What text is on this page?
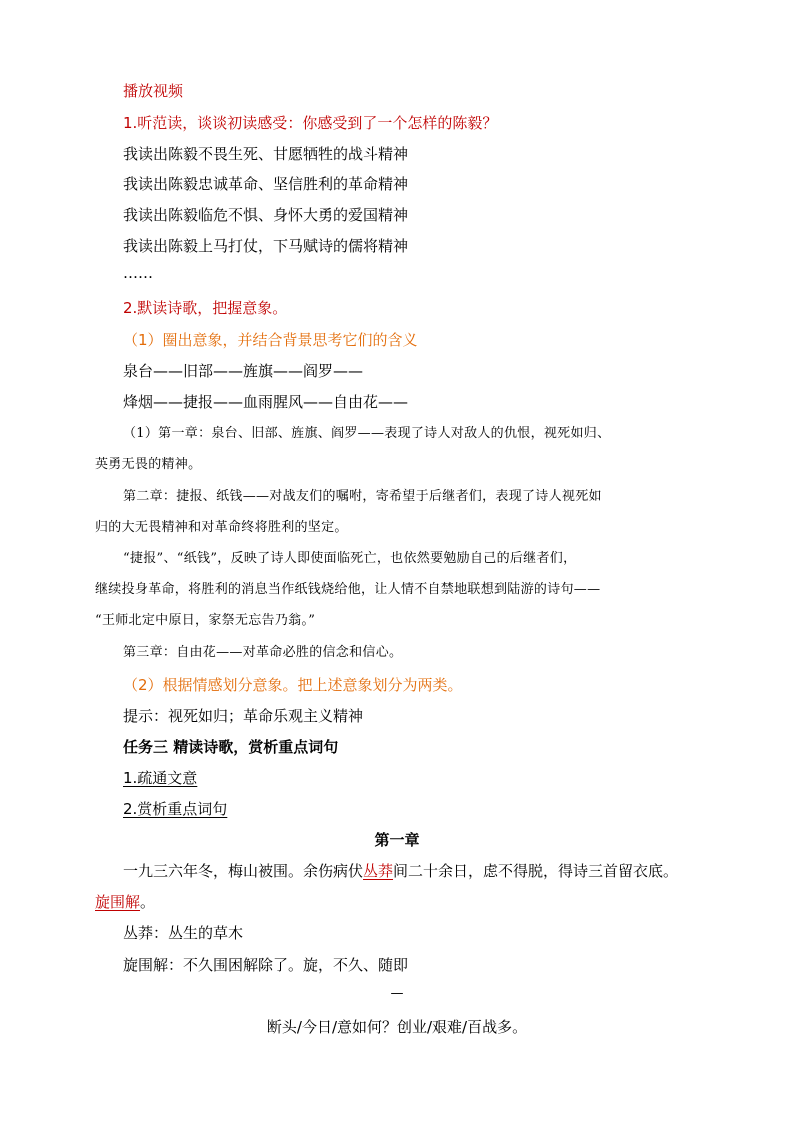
播放视频
1.听范读，谈谈初读感受：你感受到了一个怎样的陈毅？
我读出陈毅不畏生死、甘愿牺牲的战斗精神
我读出陈毅忠诚革命、坚信胜利的革命精神
我读出陈毅临危不惧、身怀大勇的爱国精神
我读出陈毅上马打仗，下马赋诗的儒将精神
……
2.默读诗歌，把握意象。
（1）圈出意象，并结合背景思考它们的含义
泉台——旧部——旌旗——阎罗——
烽烟——捷报——血雨腥风——自由花——
（1）第一章：泉台、旧部、旌旗、阎罗——表现了诗人对敌人的仇恨，视死如归、
英勇无畏的精神。
第二章：捷报、纸钱——对战友们的嘱咐，寄希望于后继者们，表现了诗人视死如
归的大无畏精神和对革命终将胜利的坚定。
“捷报”、“纸钱”，反映了诗人即使面临死亡，也依然要勉励自己的后继者们，
继续投身革命，将胜利的消息当作纸钱烧给他，让人情不自禁地联想到陆游的诗句——
“王师北定中原日，家祭无忘告乃翁。”
第三章：自由花——对革命必胜的信念和信心。
（2）根据情感划分意象。把上述意象划分为两类。
提示：视死如归；革命乐观主义精神
任务三 精读诗歌，赏析重点词句
1.疏通文意
2.赏析重点词句
第一章
一九三六年冬，梅山被围。余伤病伏丛莽间二十余日，虑不得脱，得诗三首留衣底。
旋围解。
丛莽：丛生的草木
旋围解：不久围困解除了。旋，不久、随即
—
断头/今日/意如何？创业/艰难/百战多。
